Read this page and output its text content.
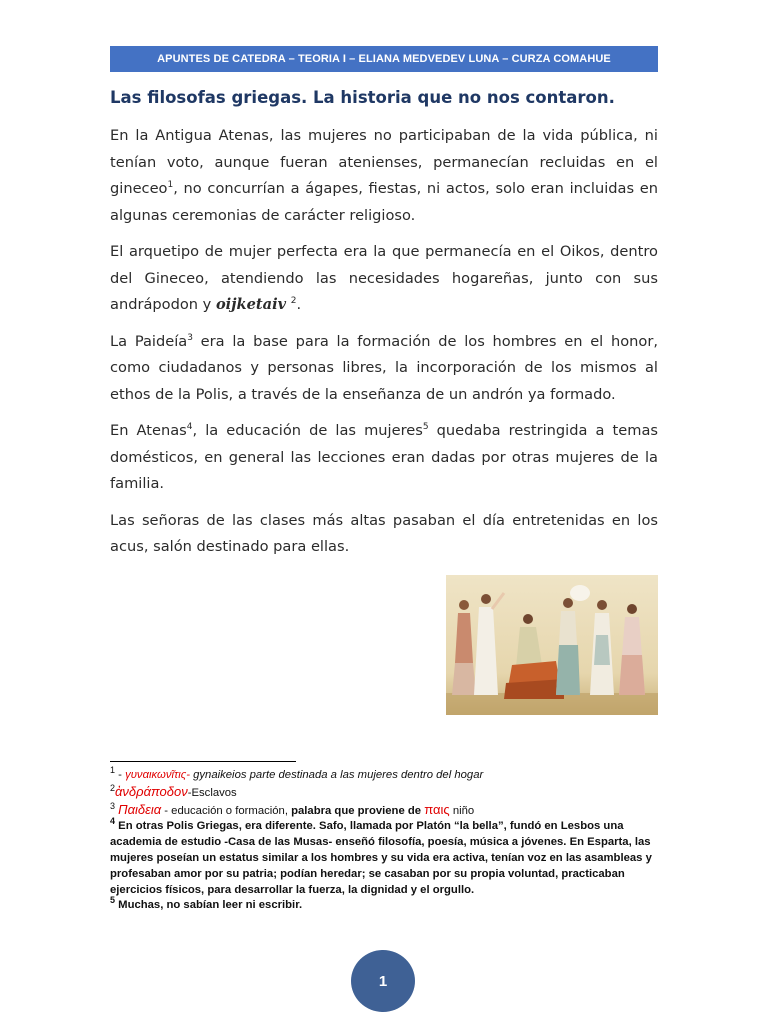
APUNTES DE CATEDRA – TEORIA I – ELIANA MEDVEDEV LUNA – CURZA COMAHUE
Las filosofas griegas. La historia que no nos contaron.

En la Antigua Atenas, las mujeres no participaban de la vida pública, ni tenían voto, aunque fueran atenienses, permanecían recluidas en el gineceo$^1$, no concurrían a ágapes, fiestas, ni actos, solo eran incluidas en algunas ceremonias de carácter religioso.

El arquetipo de mujer perfecta era la que permanecía en el Oikos, dentro del Gineceo, atendiendo las necesidades hogareñas, junto con sus andrápodon y oijketaiv $^2$.

La Paideía$^3$ era la base para la formación de los hombres en el honor, como ciudadanos y personas libres, la incorporación de los mismos al ethos de la Polis, a través de la enseñanza de un andrón ya formado.

En Atenas$^4$, la educación de las mujeres$^5$ quedaba restringida a temas domésticos, en general las lecciones eran dadas por otras mujeres de la familia.

Las señoras de las clases más altas pasaban el día entretenidas en los acus, salón destinado para ellas.

$^1$ - γυναικωνῖτις- gynaikeios parte destinada a las mujeres dentro del hogar

$^2$ἀνδράποδον-Esclavos

$^3$ Παιδεια - educación o formación, palabra que proviene de παις niño

$^4$ En otras Polis Griegas, era diferente. Safo, llamada por Platón “la bella”, fundó en Lesbos una academia de estudio -Casa de las Musas- enseñó filosofía, poesía, música a jóvenes. En Esparta, las mujeres poseían un estatus similar a los hombres y su vida era activa, tenían voz en las asambleas y profesaban amor por su patria; podían heredar; se casaban por su propia voluntad, practicaban ejercicios físicos, para desarrollar la fuerza, la dignidad y el orgullo.

$^5$ Muchas, no sabían leer ni escribir.

1
